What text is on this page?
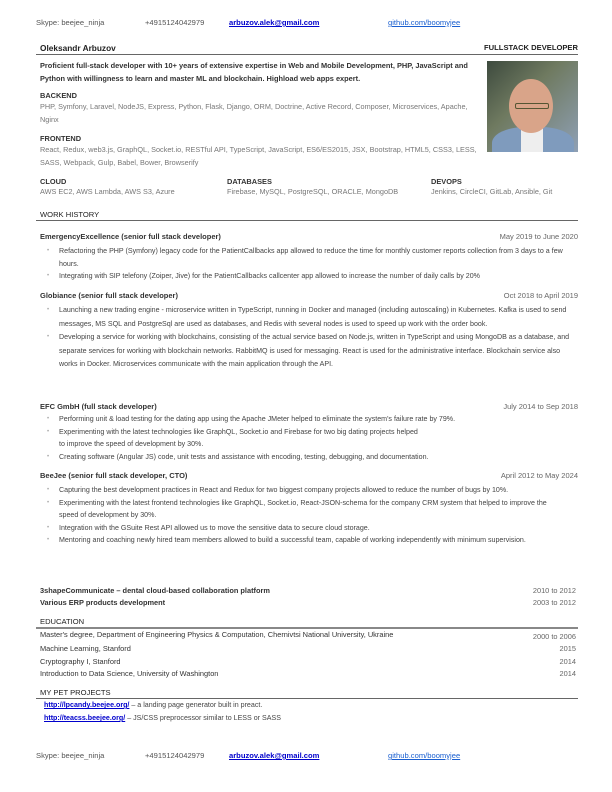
Skype: beejee_ninja	+4915124042979	arbuzov.alek@gmail.com	github.com/boomyjee
Oleksandr Arbuzov	FULLSTACK DEVELOPER
Proficient full-stack developer with 10+ years of extensive expertise in Web and Mobile Development, PHP, JavaScript and Python with willingness to learn and master ML and blockchain. Highload web apps expert.
BACKEND
PHP, Symfony, Laravel, NodeJS, Express, Python, Flask, Django, ORM, Doctrine, Active Record, Composer, Microservices, Apache, Nginx
FRONTEND
React, Redux, web3.js, GraphQL, Socket.io, RESTful API, TypeScript, JavaScript, ES6/ES2015, JSX, Bootstrap, HTML5, CSS3, LESS, SASS, Webpack, Gulp, Babel, Bower, Browserify
CLOUD
AWS EC2, AWS Lambda, AWS S3, Azure
DATABASES
Firebase, MySQL, PostgreSQL, ORACLE, MongoDB
DEVOPS
Jenkins, CircleCI, GitLab, Ansible, Git
WORK HISTORY
EmergencyExcellence (senior full stack developer)	May 2019 to June 2020
• Refactoring the PHP (Symfony) legacy code for the PatientCallbacks app allowed to reduce the time for monthly customer reports collection from 3 days to a few hours.
• Integrating with SIP telefony (Zoiper, Jive) for the PatientCallbacks callcenter app allowed to increase the number of daily calls by 20%
Globiance (senior full stack developer)	Oct 2018 to April 2019
• Launching a new trading engine - microservice written in TypeScript, running in Docker and managed (including autoscaling) in Kubernetes. Kafka is used to send messages, MS SQL and PostgreSql are used as databases, and Redis with several nodes is used to speed up work with the order book.
• Developing a service for working with blockchains, consisting of the actual service based on Node.js, written in TypeScript and using MongoDB as a database, and separate services for working with blockchain networks. RabbitMQ is used for messaging. React is used for the administrative interface. Blockchain service also works in Docker. Microservices communicate with the main application through the API.
EFC GmbH (full stack developer)	July 2014 to Sep 2018
• Performing unit & load testing for the dating app using the Apache JMeter helped to eliminate the system's failure rate by 79%.
• Experimenting with the latest technologies like GraphQL, Socket.io and Firebase for two big dating projects helped to improve the speed of development by 30%.
• Creating software (Angular JS) code, unit tests and assistance with encoding, testing, debugging, and documentation.
BeeJee (senior full stack developer, CTO)	April 2012 to May 2024
• Capturing the best development practices in React and Redux for two biggest company projects allowed to reduce the number of bugs by 10%.
• Experimenting with the latest frontend technologies like GraphQL, Socket.io, React-JSON-schema for the company CRM system that helped to improve the speed of development by 30%.
• Integration with the GSuite Rest API allowed us to move the sensitive data to secure cloud storage.
• Mentoring and coaching newly hired team members allowed to build a successful team, capable of working independently with minimum supervision.
3shapeCommunicate – dental cloud-based collaboration platform	2010 to 2012
Various ERP products development	2003 to 2012
EDUCATION
Master's degree, Department of Engineering Physics & Computation, Chernivtsi National University, Ukraine	2000 to 2006
Machine Learning, Stanford	2015
Cryptography I, Stanford	2014
Introduction to Data Science, University of Washington	2014
MY PET PROJECTS
http://lpcandy.beejee.org/ – a landing page generator built in preact.
http://teacss.beejee.org/ – JS/CSS preprocessor similar to LESS or SASS
Skype: beejee_ninja	+4915124042979	arbuzov.alek@gmail.com	github.com/boomyjee
